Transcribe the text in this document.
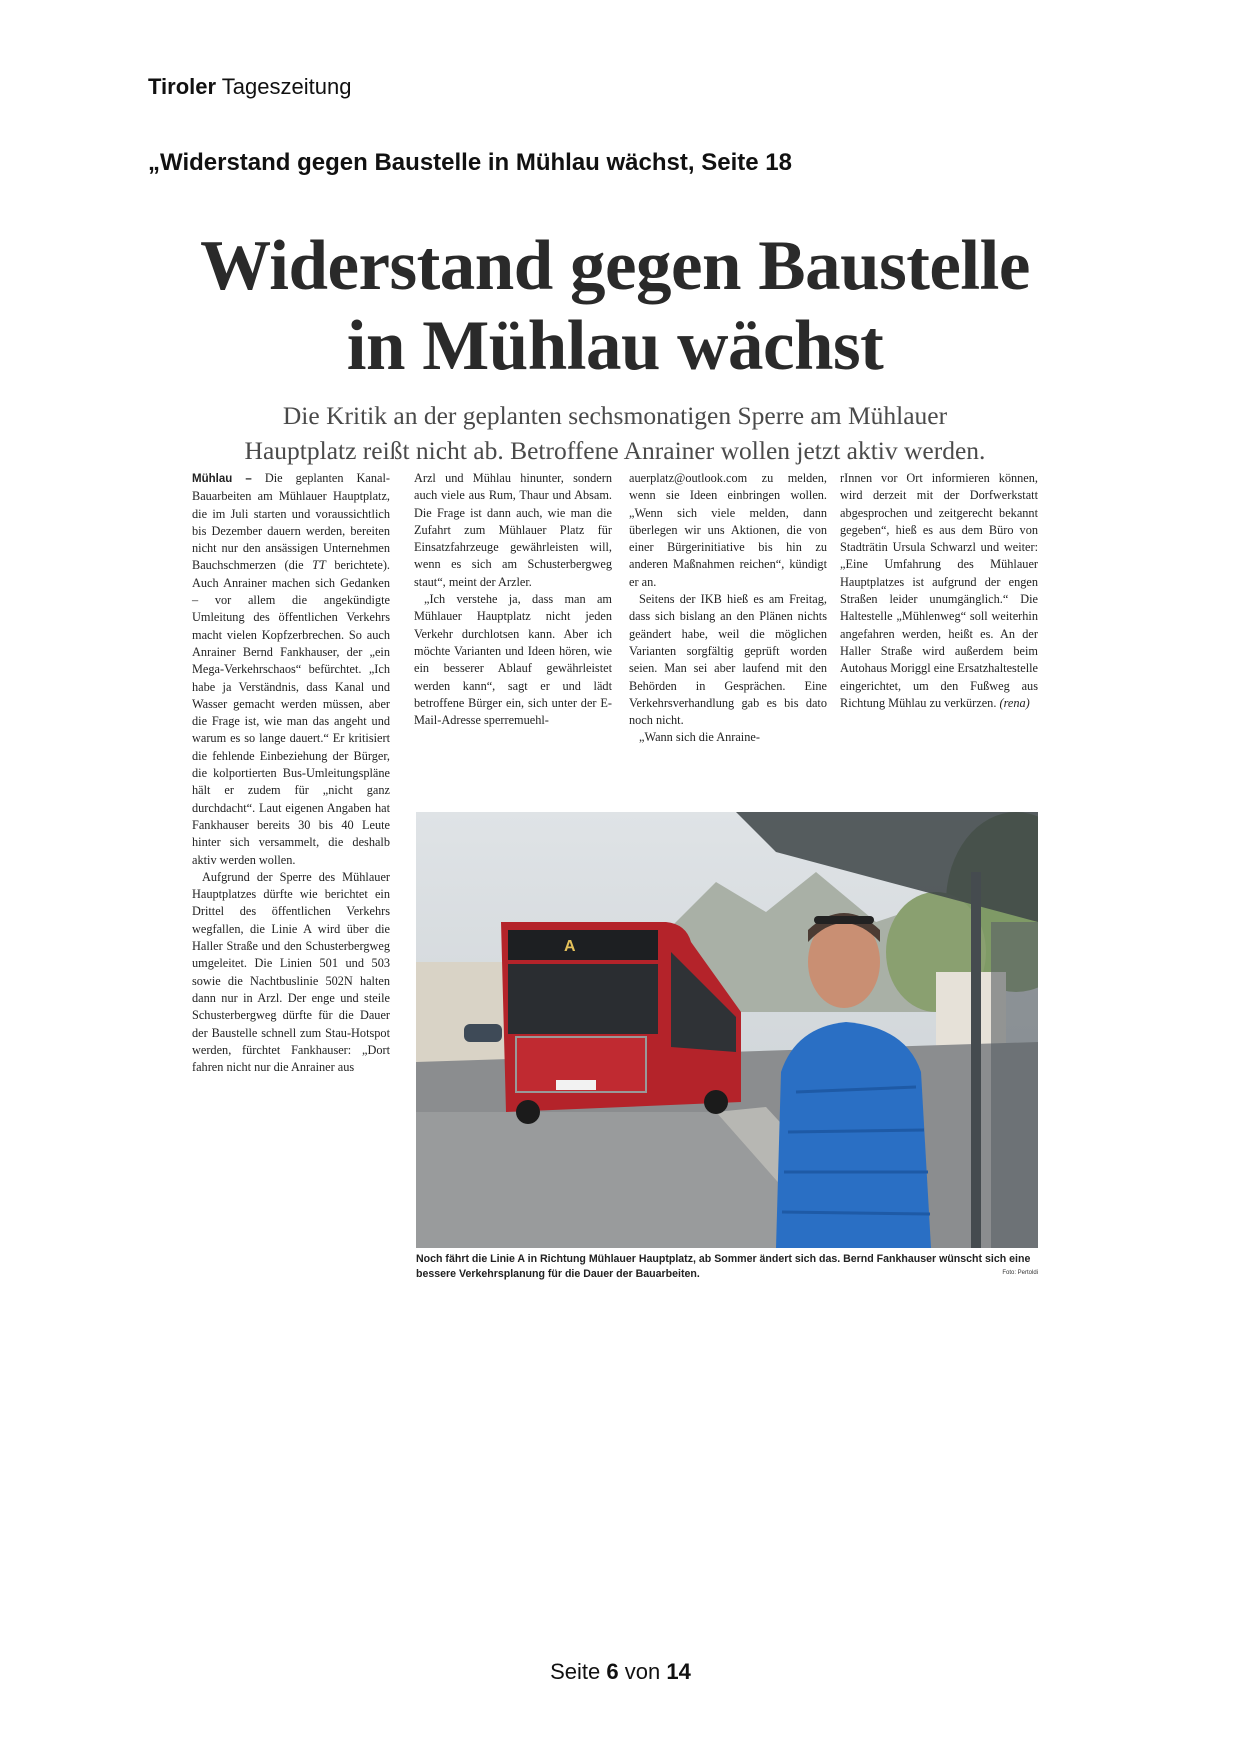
Tiroler Tageszeitung
„Widerstand gegen Baustelle in Mühlau wächst, Seite 18
Widerstand gegen Baustelle
in Mühlau wächst
Die Kritik an der geplanten sechsmonatigen Sperre am Mühlauer
Hauptplatz reißt nicht ab. Betroffene Anrainer wollen jetzt aktiv werden.

Mühlau – Die geplanten Kanal-Bauarbeiten am Mühlauer Hauptplatz, die im Juli starten und voraussichtlich bis Dezember dauern werden, bereiten nicht nur den ansässigen Unternehmen Bauchschmerzen (die TT berichtete). Auch Anrainer machen sich Gedanken – vor allem die angekündigte Umleitung des öffentlichen Verkehrs macht vielen Kopfzerbrechen. So auch Anrainer Bernd Fankhauser, der „ein Mega-Verkehrschaos“ befürchtet. „Ich habe ja Verständnis, dass Kanal und Wasser gemacht werden müssen, aber die Frage ist, wie man das angeht und warum es so lange dauert.“ Er kritisiert die fehlende Einbeziehung der Bürger, die kolportierten Bus-Umleitungspläne hält er zudem für „nicht ganz durchdacht“. Laut eigenen Angaben hat Fankhauser bereits 30 bis 40 Leute hinter sich versammelt, die deshalb aktiv werden wollen.

Aufgrund der Sperre des Mühlauer Hauptplatzes dürfte wie berichtet ein Drittel des öffentlichen Verkehrs wegfallen, die Linie A wird über die Haller Straße und den Schusterbergweg umgeleitet. Die Linien 501 und 503 sowie die Nachtbuslinie 502N halten dann nur in Arzl. Der enge und steile Schusterbergweg dürfte für die Dauer der Baustelle schnell zum Stau-Hotspot werden, fürchtet Fankhauser: „Dort fahren nicht nur die Anrainer aus

Arzl und Mühlau hinunter, sondern auch viele aus Rum, Thaur und Absam. Die Frage ist dann auch, wie man die Zufahrt zum Mühlauer Platz für Einsatzfahrzeuge gewährleisten will, wenn es sich am Schusterbergweg staut“, meint der Arzler.

„Ich verstehe ja, dass man am Mühlauer Hauptplatz nicht jeden Verkehr durchlotsen kann. Aber ich möchte Varianten und Ideen hören, wie ein besserer Ablauf gewährleistet werden kann“, sagt er und lädt betroffene Bürger ein, sich unter der E-Mail-Adresse sperremuehl-

auerplatz@outlook.com zu melden, wenn sie Ideen einbringen wollen. „Wenn sich viele melden, dann überlegen wir uns Aktionen, die von einer Bürgerinitiative bis hin zu anderen Maßnahmen reichen“, kündigt er an.

Seitens der IKB hieß es am Freitag, dass sich bislang an den Plänen nichts geändert habe, weil die möglichen Varianten sorgfältig geprüft worden seien. Man sei aber laufend mit den Behörden in Gesprächen. Eine Verkehrsverhandlung gab es bis dato noch nicht.

„Wann sich die Anraine-

rInnen vor Ort informieren können, wird derzeit mit der Dorfwerkstatt abgesprochen und zeitgerecht bekannt gegeben“, hieß es aus dem Büro von Stadträtin Ursula Schwarzl und weiter: „Eine Umfahrung des Mühlauer Hauptplatzes ist aufgrund der engen Straßen leider unumgänglich.“ Die Haltestelle „Mühlenweg“ soll weiterhin angefahren werden, heißt es. An der Haller Straße wird außerdem beim Autohaus Moriggl eine Ersatzhaltestelle eingerichtet, um den Fußweg aus Richtung Mühlau zu verkürzen. (rena)

A
Noch fährt die Linie A in Richtung Mühlauer Hauptplatz, ab Sommer ändert sich das. Bernd Fankhauser wünscht sich eine bessere Verkehrsplanung für die Dauer der Bauarbeiten.	Foto: Pertoldi
Seite 6 von 14
